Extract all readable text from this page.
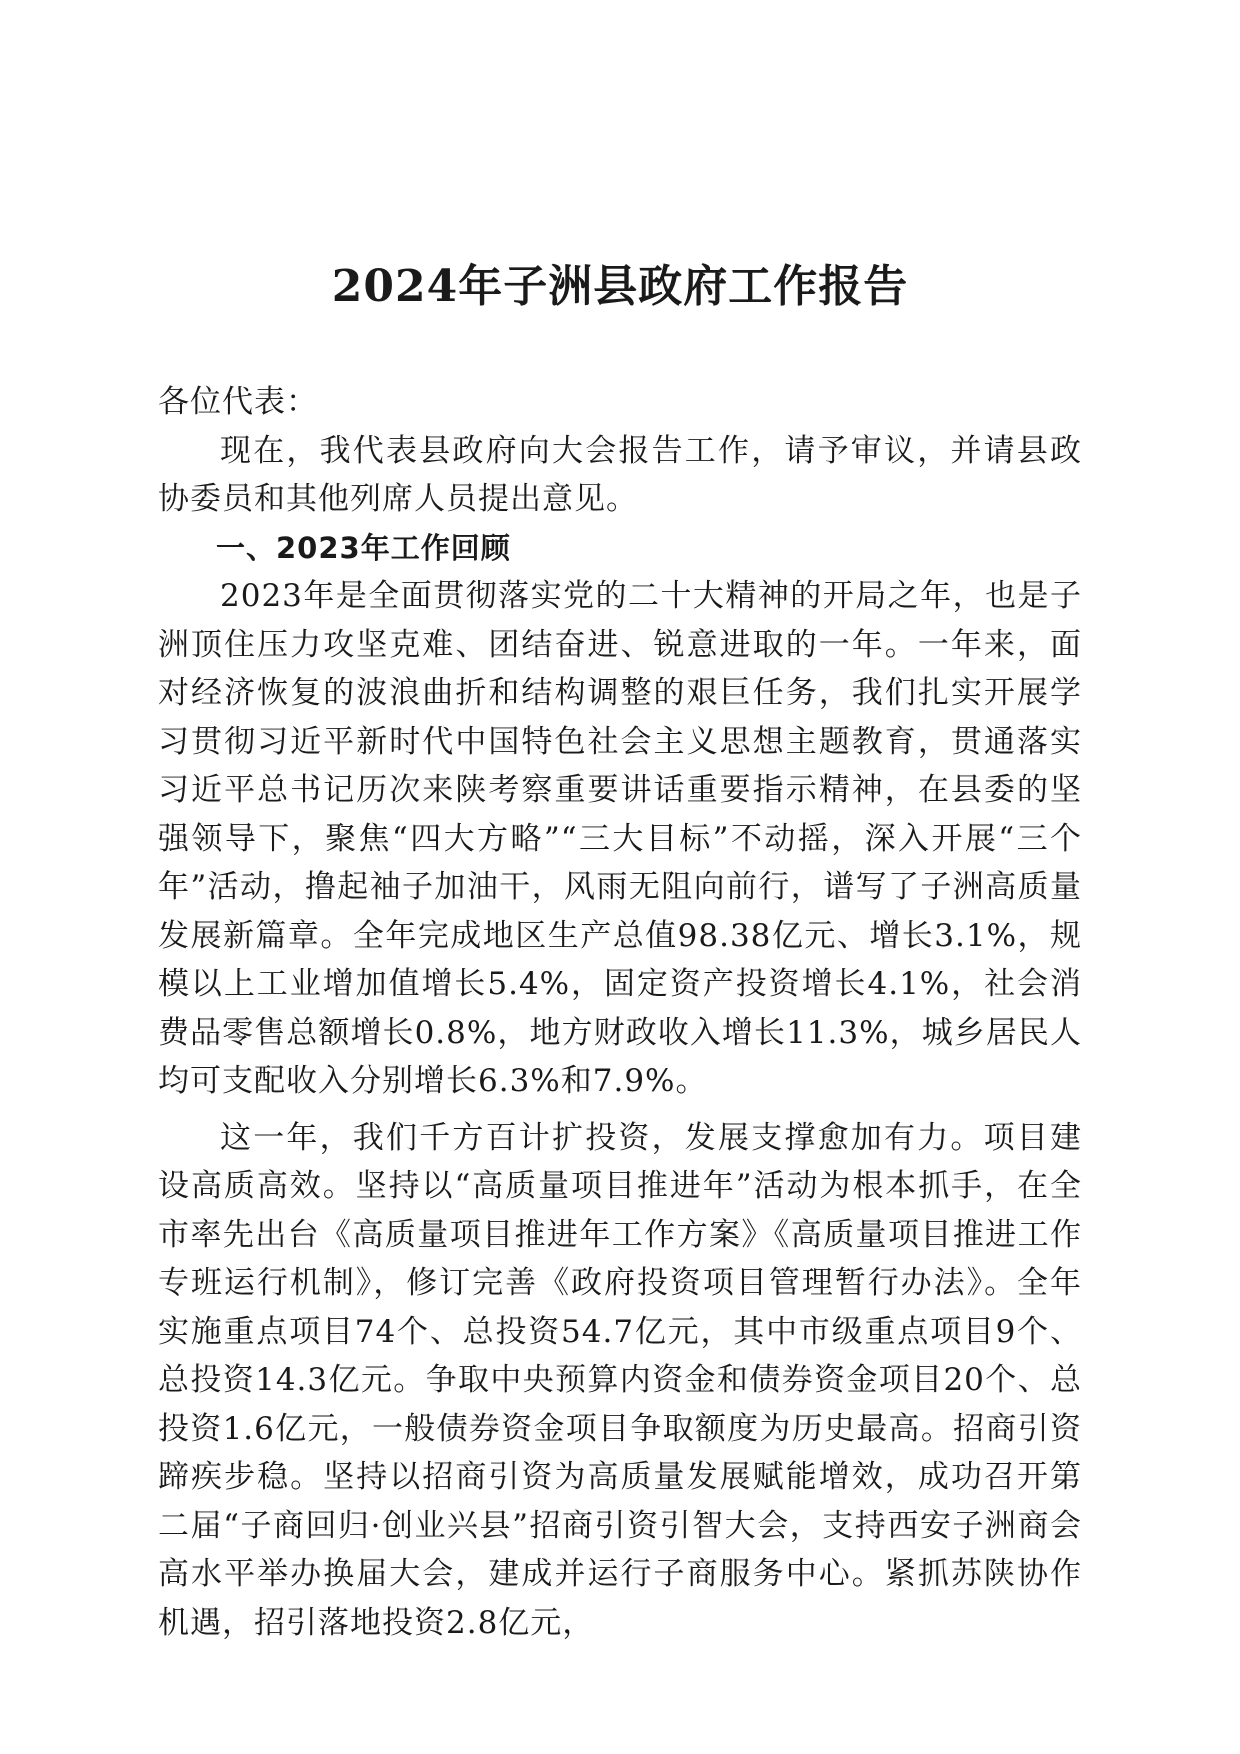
2024年子洲县政府工作报告

各位代表：

现在，我代表县政府向大会报告工作，请予审议，并请县政协委员和其他列席人员提出意见。

一、2023年工作回顾

2023年是全面贯彻落实党的二十大精神的开局之年，也是子洲顶住压力攻坚克难、团结奋进、锐意进取的一年。一年来，面对经济恢复的波浪曲折和结构调整的艰巨任务，我们扎实开展学习贯彻习近平新时代中国特色社会主义思想主题教育，贯通落实习近平总书记历次来陕考察重要讲话重要指示精神，在县委的坚强领导下，聚焦“四大方略”“三大目标”不动摇，深入开展“三个年”活动，撸起袖子加油干，风雨无阻向前行，谱写了子洲高质量发展新篇章。全年完成地区生产总值98.38亿元、增长3.1%，规模以上工业增加值增长5.4%，固定资产投资增长4.1%，社会消费品零售总额增长0.8%，地方财政收入增长11.3%，城乡居民人均可支配收入分别增长6.3%和7.9%。

这一年，我们千方百计扩投资，发展支撑愈加有力。项目建设高质高效。坚持以“高质量项目推进年”活动为根本抓手，在全市率先出台《高质量项目推进年工作方案》《高质量项目推进工作专班运行机制》，修订完善《政府投资项目管理暂行办法》。全年实施重点项目74个、总投资54.7亿元，其中市级重点项目9个、总投资14.3亿元。争取中央预算内资金和债券资金项目20个、总投资1.6亿元，一般债券资金项目争取额度为历史最高。招商引资蹄疾步稳。坚持以招商引资为高质量发展赋能增效，成功召开第二届“子商回归·创业兴县”招商引资引智大会，支持西安子洲商会高水平举办换届大会，建成并运行子商服务中心。紧抓苏陕协作机遇，招引落地投资2.8亿元，
